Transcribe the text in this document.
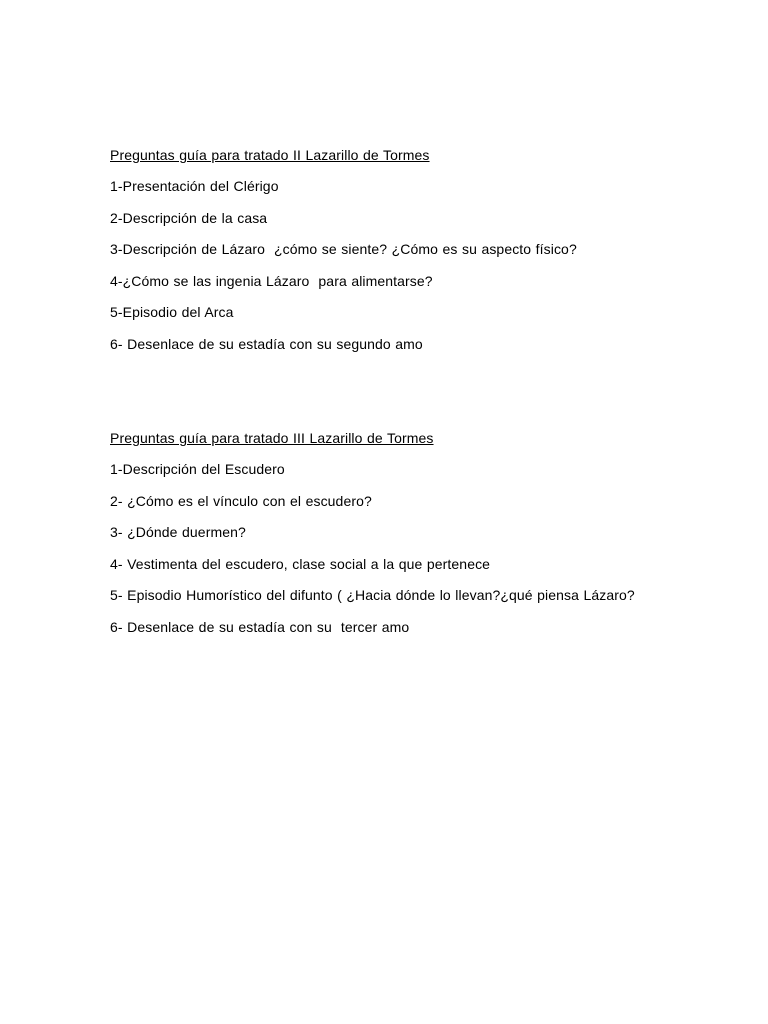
Preguntas guía para tratado II Lazarillo de Tormes
1-Presentación del Clérigo
2-Descripción de la casa
3-Descripción de Lázaro  ¿cómo se siente? ¿Cómo es su aspecto físico?
4-¿Cómo se las ingenia Lázaro  para alimentarse?
5-Episodio del Arca
6- Desenlace de su estadía con su segundo amo
Preguntas guía para tratado III Lazarillo de Tormes
1-Descripción del Escudero
2- ¿Cómo es el vínculo con el escudero?
3- ¿Dónde duermen?
4- Vestimenta del escudero, clase social a la que pertenece
5- Episodio Humorístico del difunto ( ¿Hacia dónde lo llevan?¿qué piensa Lázaro?
6- Desenlace de su estadía con su  tercer amo
